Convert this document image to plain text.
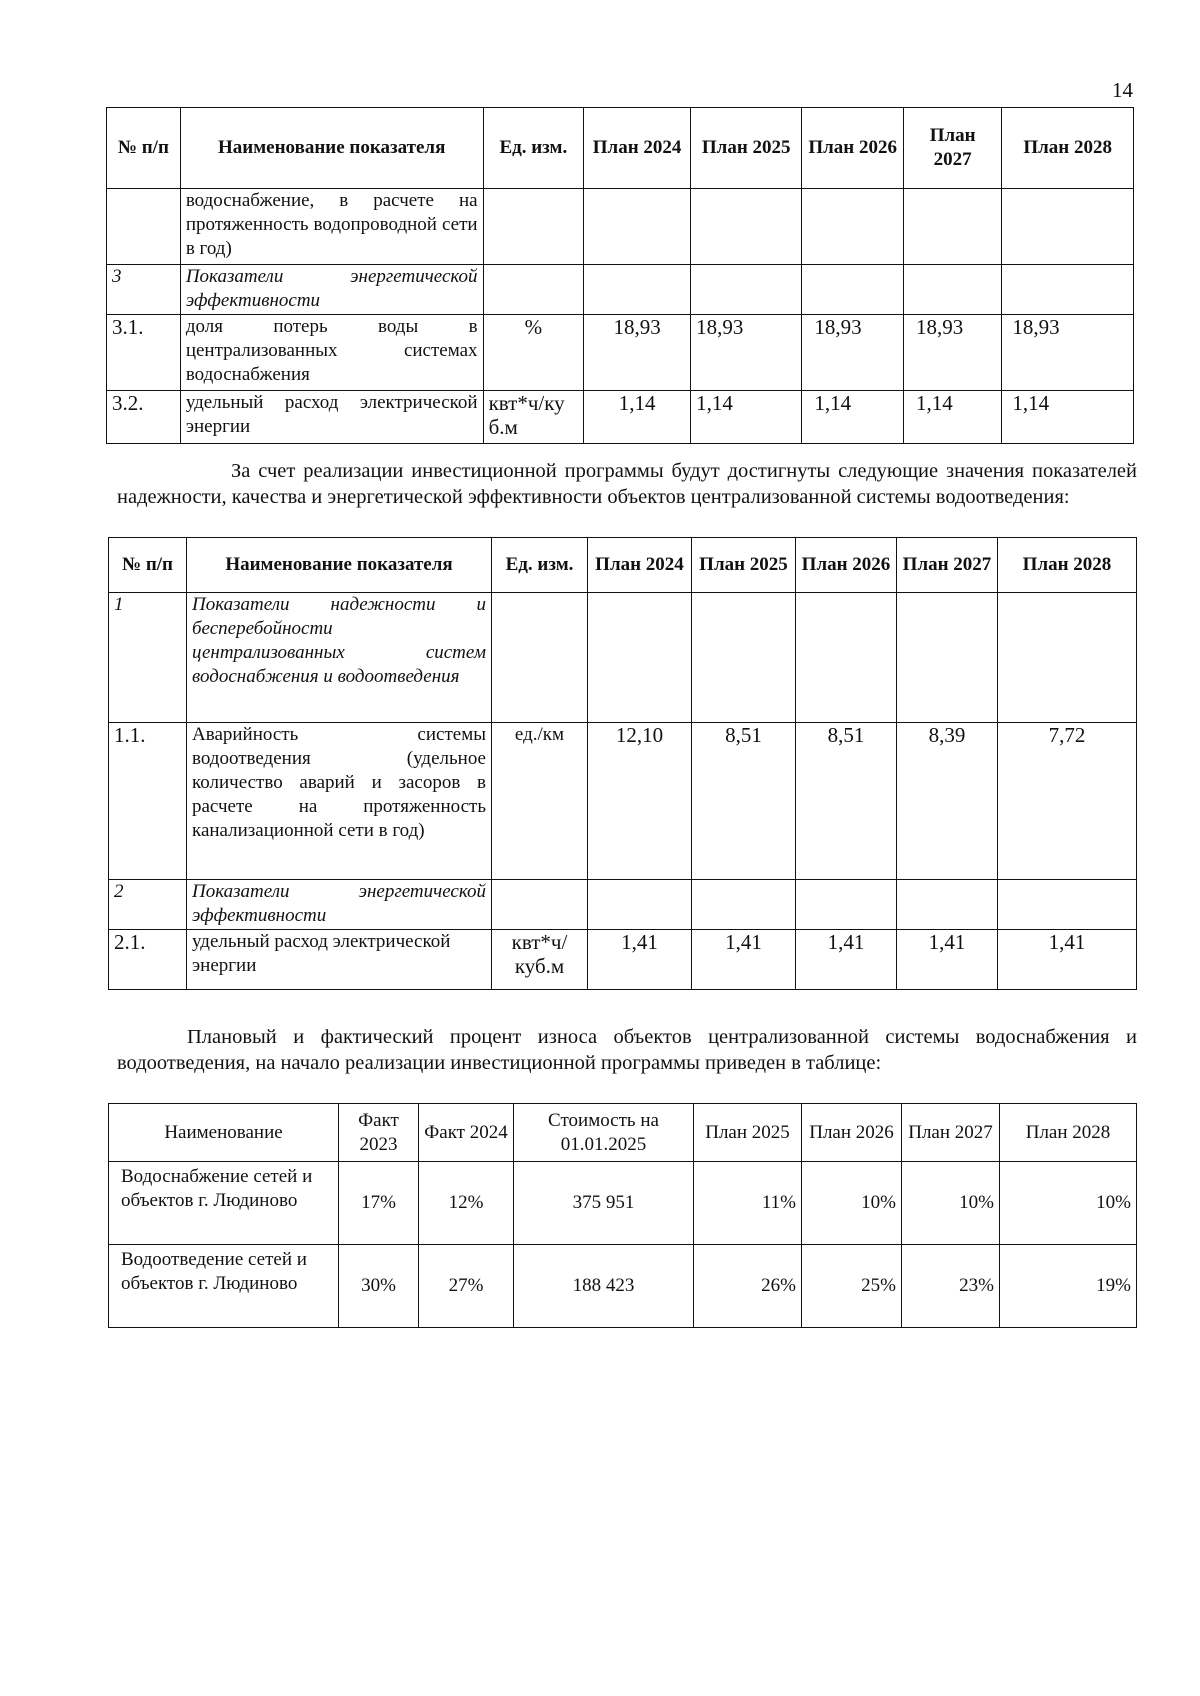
14
№ п/п	Наименование показателя	Ед. изм.	План 2024	План 2025	План 2026	План 2027	План 2028
	водоснабжение, в расчете на протяженность водопроводной сети в год)						
3	Показатели энергетической эффективности						
3.1.	доля потерь воды в централизованных системах водоснабжения	%	18,93	18,93	18,93	18,93	18,93
3.2.	удельный расход электрической энергии	квт*ч/куб.м	1,14	1,14	1,14	1,14	1,14
За счет реализации инвестиционной программы будут достигнуты следующие значения показателей надежности, качества и энергетической эффективности объектов централизованной системы водоотведения:
№ п/п	Наименование показателя	Ед. изм.	План 2024	План 2025	План 2026	План 2027	План 2028
1	Показатели надежности и бесперебойности централизованных систем водоснабжения и водоотведения						
1.1.	Аварийность системы водоотведения (удельное количество аварий и засоров в расчете на протяженность канализационной сети в год)	ед./км	12,10	8,51	8,51	8,39	7,72
2	Показатели энергетической эффективности						
2.1.	удельный расход электрической энергии	квт*ч/куб.м	1,41	1,41	1,41	1,41	1,41
Плановый и фактический процент износа объектов централизованной системы водоснабжения и водоотведения, на начало реализации инвестиционной программы приведен в таблице:
Наименование	Факт 2023	Факт 2024	Стоимость на 01.01.2025	План 2025	План 2026	План 2027	План 2028
Водоснабжение сетей и объектов г. Людиново	17%	12%	375 951	11%	10%	10%	10%
Водоотведение сетей и объектов г. Людиново	30%	27%	188 423	26%	25%	23%	19%
